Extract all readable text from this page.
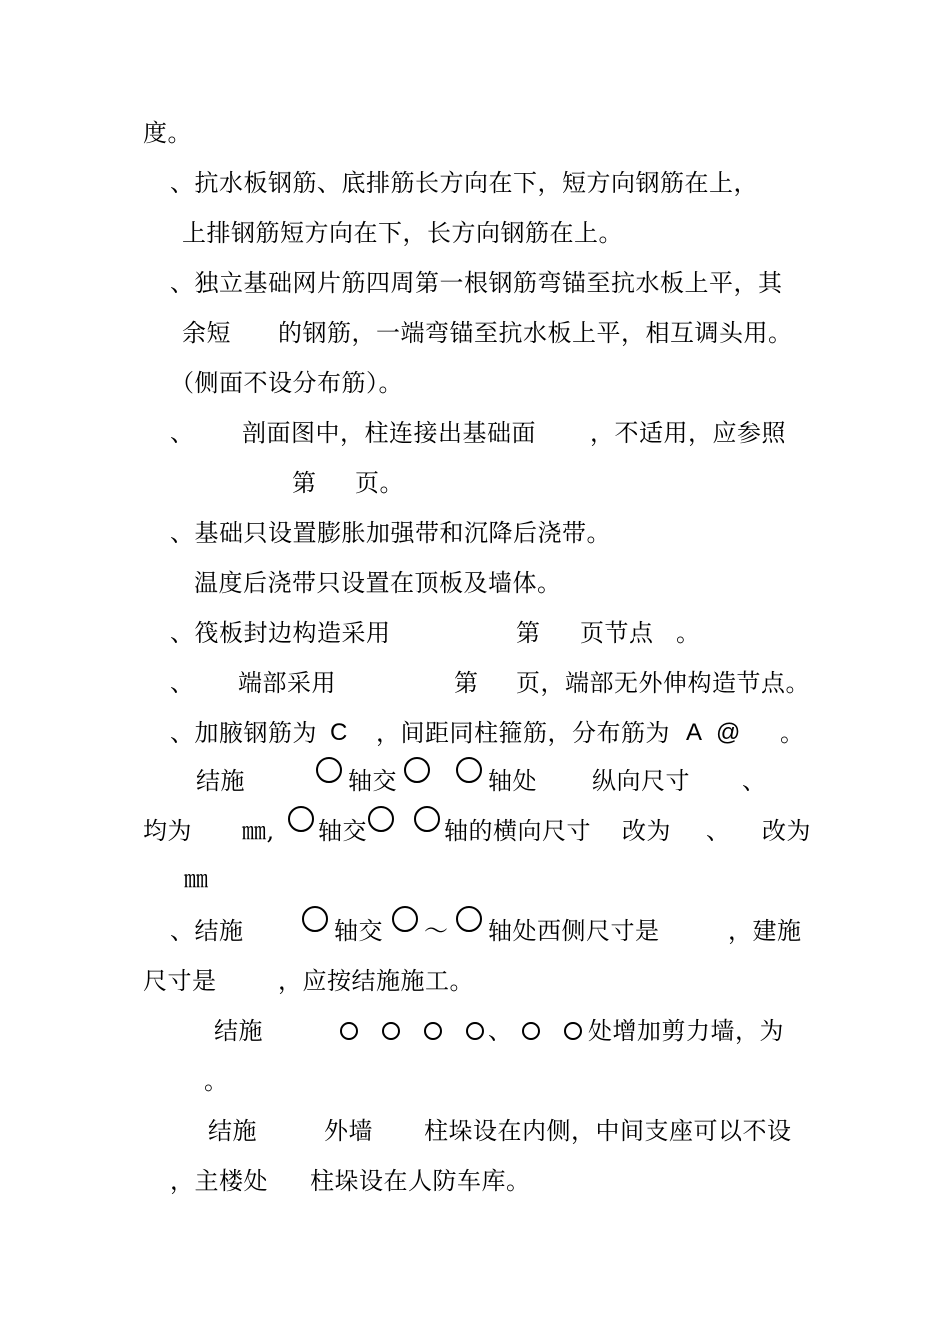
度。
、抗水板钢筋、底排筋长方向在下，短方向钢筋在上，
上排钢筋短方向在下，长方向钢筋在上。
、独立基础网片筋四周第一根钢筋弯锚至抗水板上平，其
余短 的钢筋，一端弯锚至抗水板上平，相互调头用。
（侧面不设分布筋）。
、 剖面图中，柱连接出基础面 ，不适用，应参照
第 页。
、基础只设置膨胀加强带和沉降后浇带。
温度后浇带只设置在顶板及墙体。
、筏板封边构造采用	第 页节点 。
、 端部采用	第 页，端部无外伸构造节点。
、加腋钢筋为 C ，间距同柱箍筋，分布筋为 A @ 。
结施	轴交	轴处 纵向尺寸 、
均为 ㎜, 轴交	轴的横向尺寸 改为 、 改为
㎜
、结施	轴交 ～ 轴处西侧尺寸是	，建施
尺寸是	，应按结施施工。
结施	、	处增加剪力墙，为
。
结施	外墙 柱垛设在内侧，中间支座可以不设
，主楼处 柱垛设在人防车库。
